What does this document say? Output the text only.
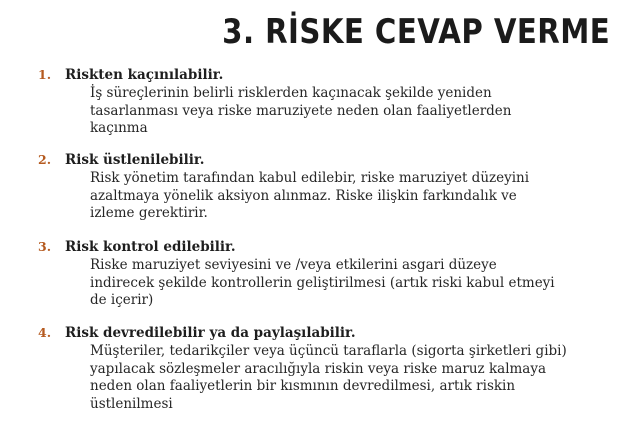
3. RİSKE CEVAP VERME
1.	Riskten kaçınılabilir.
İş süreçlerinin belirli risklerden kaçınacak şekilde yeniden
tasarlanması veya riske maruziyete neden olan faaliyetlerden
kaçınma
2.	Risk üstlenilebilir.
Risk yönetim tarafından kabul edilebir, riske maruziyet düzeyini
azaltmaya yönelik aksiyon alınmaz. Riske ilişkin farkındalık ve
izleme gerektirir.
3.	Risk kontrol edilebilir.
Riske maruziyet seviyesini ve /veya etkilerini asgari düzeye
indirecek şekilde kontrollerin geliştirilmesi (artık riski kabul etmeyi
de içerir)
4.	Risk devredilebilir ya da paylaşılabilir.
Müşteriler, tedarikçiler veya üçüncü taraflarla (sigorta şirketleri gibi)
yapılacak sözleşmeler aracılığıyla riskin veya riske maruz kalmaya
neden olan faaliyetlerin bir kısmının devredilmesi, artık riskin
üstlenilmesi
